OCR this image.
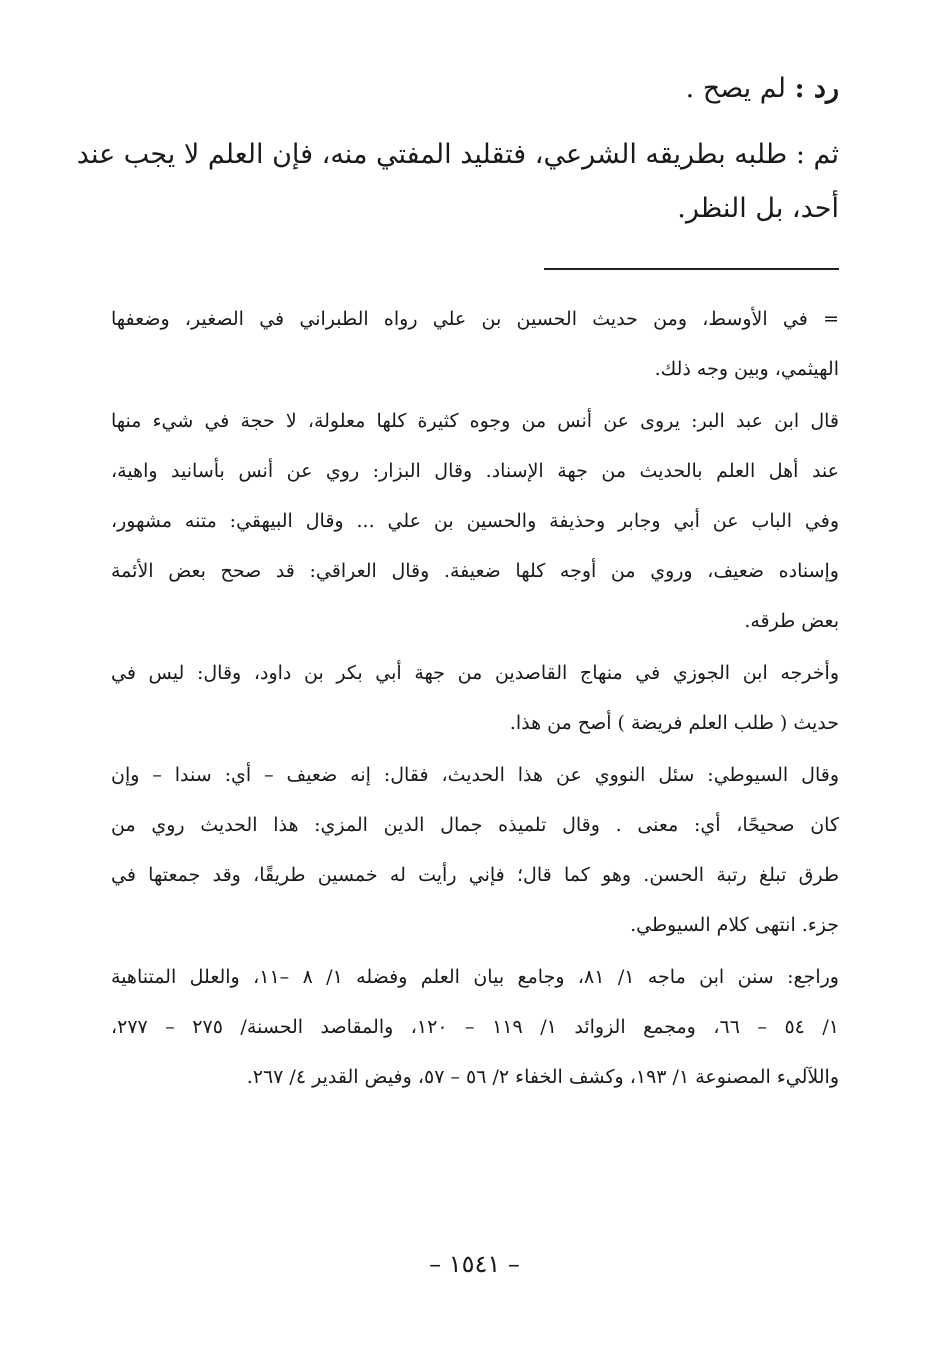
رد : لم يصح .
ثم : طلبه بطريقه الشرعي، فتقليد المفتي منه، فإن العلم لا يجب عند
أحد، بل النظر.
= في الأوسط، ومن حديث الحسين بن علي رواه الطبراني في الصغير، وضعفها
الهيثمي، وبين وجه ذلك.
قال ابن عبد البر: يروى عن أنس من وجوه كثيرة كلها معلولة، لا حجة في شيء منها
عند أهل العلم بالحديث من جهة الإسناد. وقال البزار: روي عن أنس بأسانيد واهية،
وفي الباب عن أبي وجابر وحذيفة والحسين بن علي ... وقال البيهقي: متنه مشهور،
وإسناده ضعيف، وروي من أوجه كلها ضعيفة. وقال العراقي: قد صحح بعض الأئمة
بعض طرقه.
وأخرجه ابن الجوزي في منهاج القاصدين من جهة أبي بكر بن داود، وقال: ليس في
حديث ( طلب العلم فريضة ) أصح من هذا.
وقال السيوطي: سئل النووي عن هذا الحديث، فقال: إنه ضعيف – أي: سندا – وإن
كان صحيحًا، أي: معنى . وقال تلميذه جمال الدين المزي: هذا الحديث روي من
طرق تبلغ رتبة الحسن. وهو كما قال؛ فإني رأيت له خمسين طريقًا، وقد جمعتها في
جزء. انتهى كلام السيوطي.
وراجع: سنن ابن ماجه ١/ ٨١، وجامع بيان العلم وفضله ١/ ٨ –١١، والعلل المتناهية
١/ ٥٤ – ٦٦، ومجمع الزوائد ١/ ١١٩ – ١٢٠، والمقاصد الحسنة/ ٢٧٥ – ٢٧٧،
واللآليء المصنوعة ١/ ١٩٣، وكشف الخفاء ٢/ ٥٦ – ٥٧، وفيض القدير ٤/ ٢٦٧.
– ١٥٤١ –
